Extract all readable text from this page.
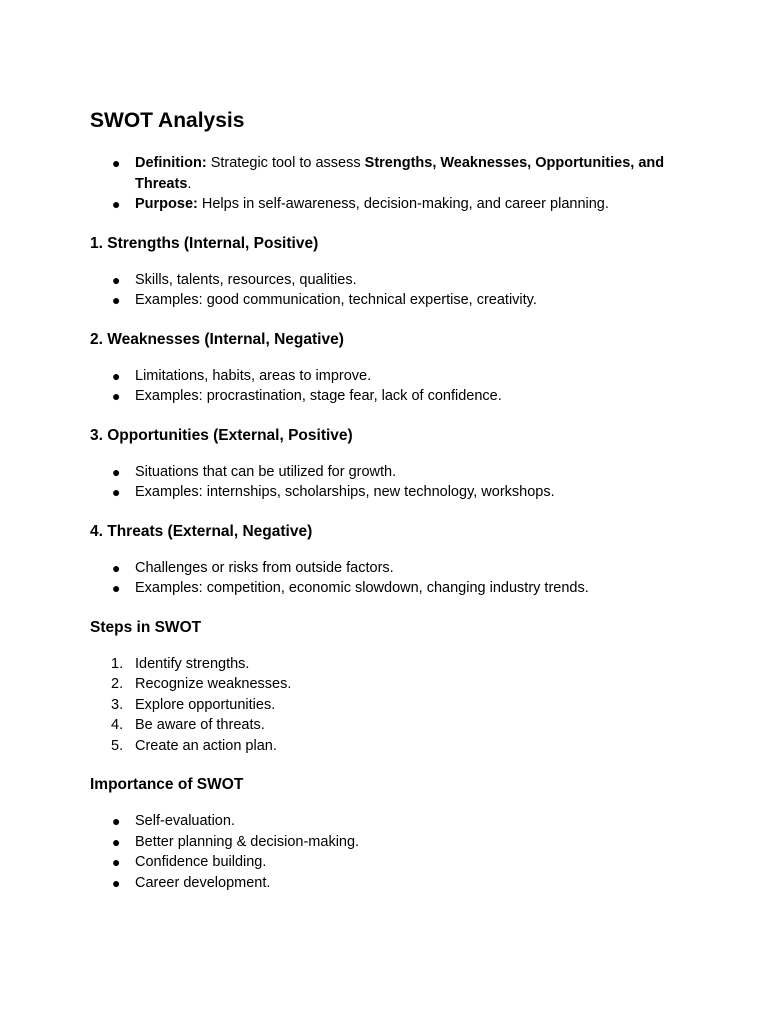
SWOT Analysis
● Definition: Strategic tool to assess Strengths, Weaknesses, Opportunities, and Threats.
● Purpose: Helps in self-awareness, decision-making, and career planning.
1. Strengths (Internal, Positive)
● Skills, talents, resources, qualities.
● Examples: good communication, technical expertise, creativity.
2. Weaknesses (Internal, Negative)
● Limitations, habits, areas to improve.
● Examples: procrastination, stage fear, lack of confidence.
3. Opportunities (External, Positive)
● Situations that can be utilized for growth.
● Examples: internships, scholarships, new technology, workshops.
4. Threats (External, Negative)
● Challenges or risks from outside factors.
● Examples: competition, economic slowdown, changing industry trends.
Steps in SWOT
1. Identify strengths.
2. Recognize weaknesses.
3. Explore opportunities.
4. Be aware of threats.
5. Create an action plan.
Importance of SWOT
● Self-evaluation.
● Better planning & decision-making.
● Confidence building.
● Career development.
